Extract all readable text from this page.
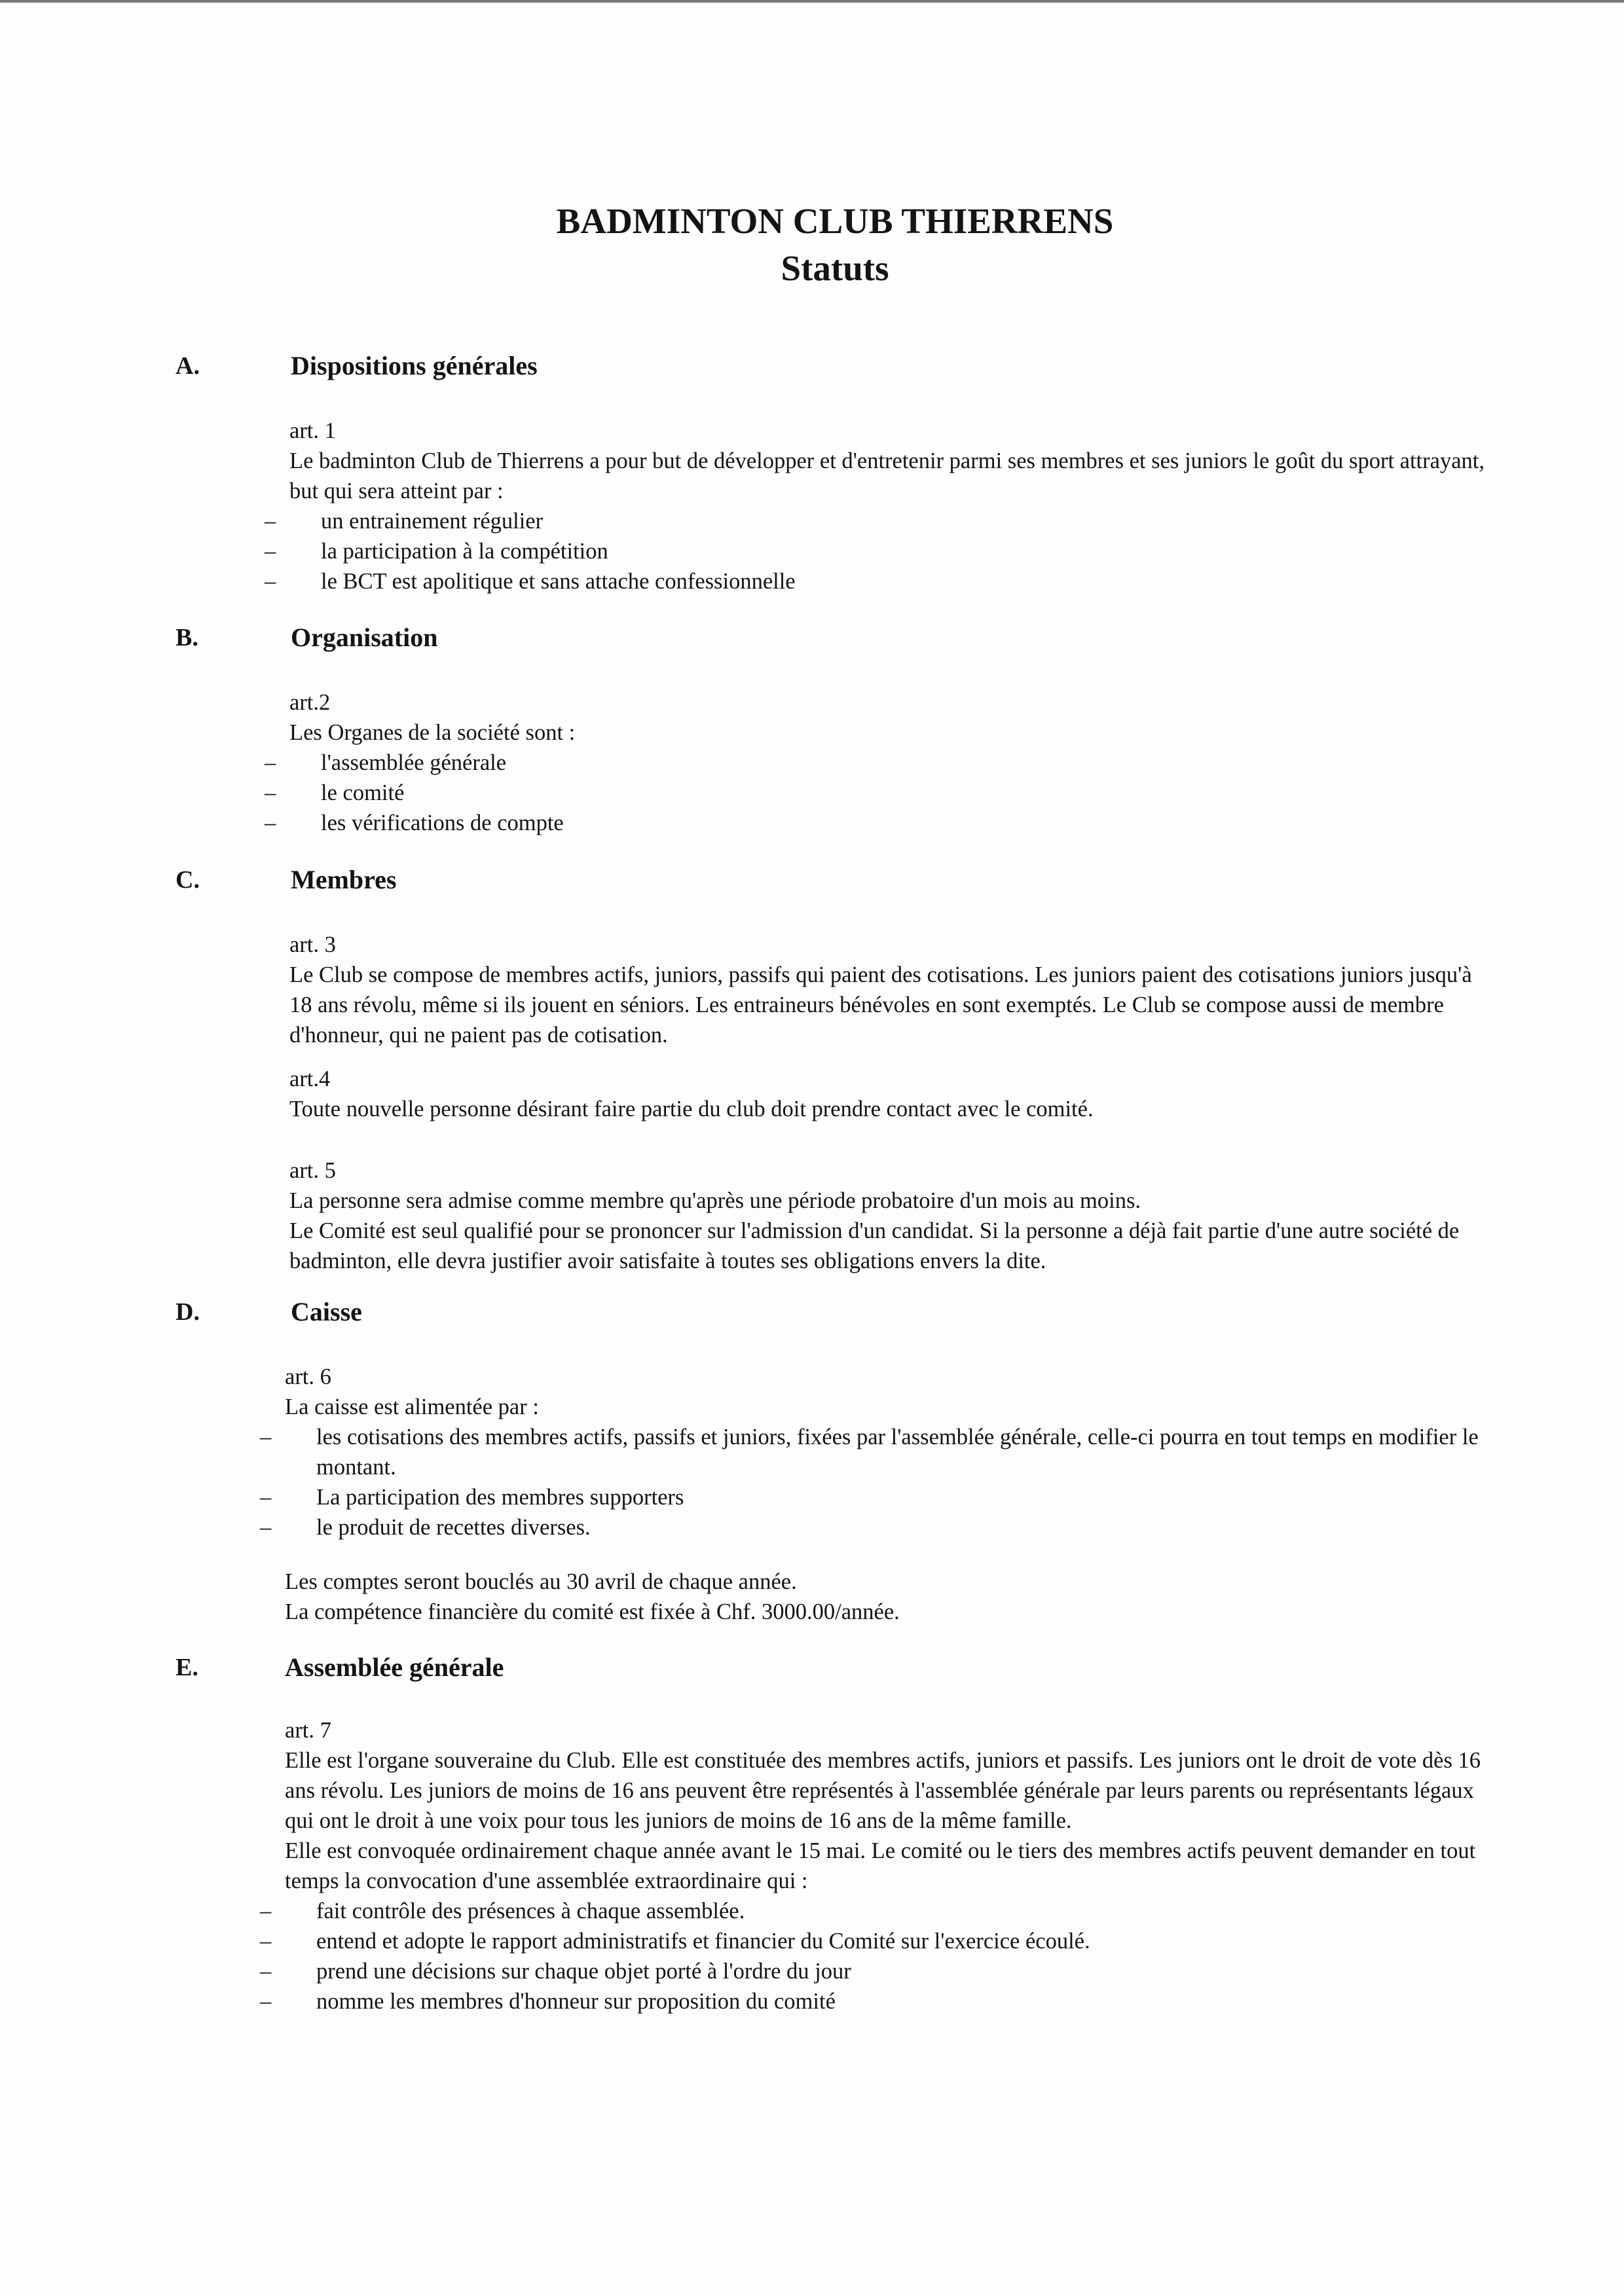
BADMINTON CLUB THIERRENS
Statuts
A.	Dispositions générales
art. 1

Le badminton Club de Thierrens a pour but de développer et d'entretenir parmi ses membres et ses juniors le goût du sport attrayant, but qui sera atteint par :

– un entrainement régulier
– la participation à la compétition
– le BCT est apolitique et sans attache confessionnelle
B.	Organisation
art.2

Les Organes de la société sont :

– l'assemblée générale
– le comité
– les vérifications de compte
C.	Membres
art. 3

Le Club se compose de membres actifs, juniors, passifs qui paient des cotisations. Les juniors paient des cotisations juniors jusqu'à 18 ans révolu, même si ils jouent en séniors. Les entraineurs bénévoles en sont exemptés. Le Club se compose aussi de membre d'honneur, qui ne paient pas de cotisation.

art.4

Toute nouvelle personne désirant faire partie du club doit prendre contact avec le comité.

art. 5

La personne sera admise comme membre qu'après une période probatoire d'un mois au moins.

Le Comité est seul qualifié pour se prononcer sur l'admission d'un candidat. Si la personne a déjà fait partie d'une autre société de badminton, elle devra justifier avoir satisfaite à toutes ses obligations envers la dite.

D.	Caisse
art. 6

La caisse est alimentée par :

– les cotisations des membres actifs, passifs et juniors, fixées par l'assemblée générale, celle-ci pourra en tout temps en modifier le montant.
– La participation des membres supporters
– le produit de recettes diverses.

Les comptes seront bouclés au 30 avril de chaque année.

La compétence financière du comité est fixée à Chf. 3000.00/année.

E.	Assemblée générale
art. 7

Elle est l'organe souveraine du Club. Elle est constituée des membres actifs, juniors et passifs. Les juniors ont le droit de vote dès 16 ans révolu. Les juniors de moins de 16 ans peuvent être représentés à l'assemblée générale par leurs parents ou représentants légaux qui ont le droit à une voix pour tous les juniors de moins de 16 ans de la même famille.

Elle est convoquée ordinairement chaque année avant le 15 mai. Le comité ou le tiers des membres actifs peuvent demander en tout temps la convocation d'une assemblée extraordinaire qui :

– fait contrôle des présences à chaque assemblée.
– entend et adopte le rapport administratifs et financier du Comité sur l'exercice écoulé.
– prend une décisions sur chaque objet porté à l'ordre du jour
– nomme les membres d'honneur sur proposition du comité
